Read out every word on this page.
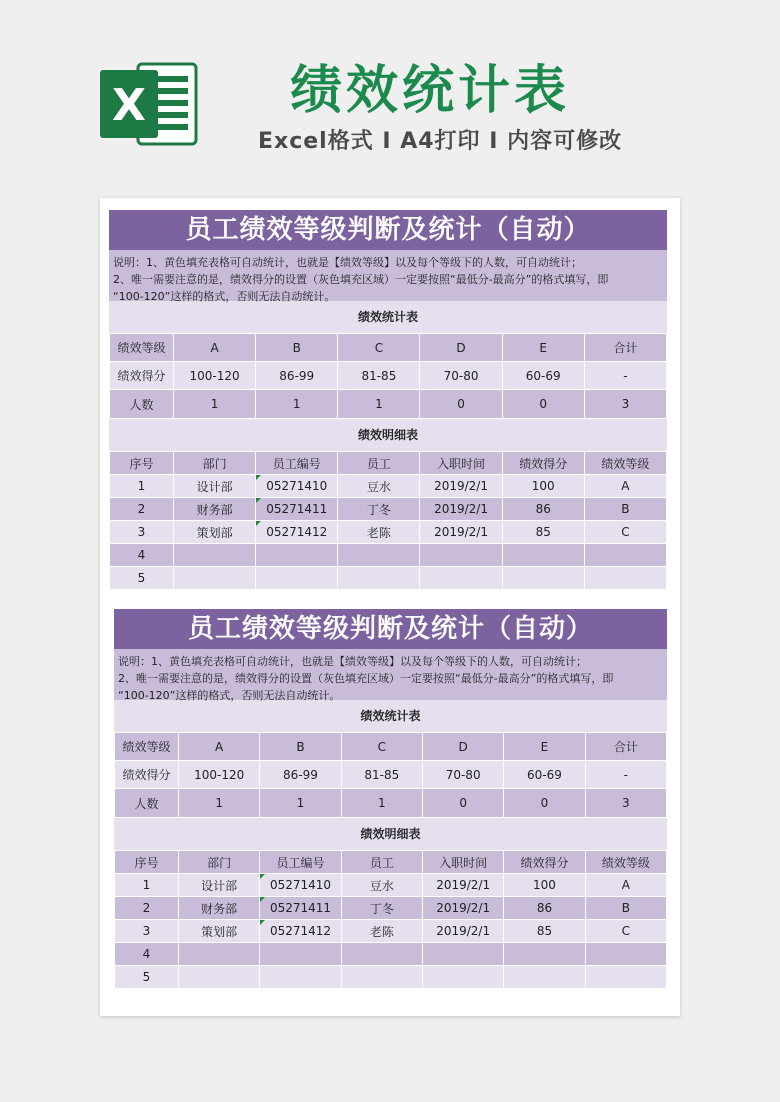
X	绩效统计表
Excel格式 Ⅰ A4打印 Ⅰ 内容可修改
员工绩效等级判断及统计（自动）
说明：1、黄色填充表格可自动统计，也就是【绩效等级】以及每个等级下的人数，可自动统计；
2、唯一需要注意的是，绩效得分的设置（灰色填充区域）一定要按照“最低分-最高分”的格式填写，即
“100-120”这样的格式，否则无法自动统计。
绩效统计表
绩效等级	A	B	C	D	E	合计
绩效得分	100-120	86-99	81-85	70-80	60-69	-
人数	1	1	1	0	0	3
绩效明细表
序号	部门	员工编号	员工	入职时间	绩效得分	绩效等级
1	设计部	05271410	豆水	2019/2/1	100	A
2	财务部	05271411	丁冬	2019/2/1	86	B
3	策划部	05271412	老陈	2019/2/1	85	C
4						
5						
员工绩效等级判断及统计（自动）
说明：1、黄色填充表格可自动统计，也就是【绩效等级】以及每个等级下的人数，可自动统计；
2、唯一需要注意的是，绩效得分的设置（灰色填充区域）一定要按照“最低分-最高分”的格式填写，即
“100-120”这样的格式，否则无法自动统计。
绩效统计表
绩效等级	A	B	C	D	E	合计
绩效得分	100-120	86-99	81-85	70-80	60-69	-
人数	1	1	1	0	0	3
绩效明细表
序号	部门	员工编号	员工	入职时间	绩效得分	绩效等级
1	设计部	05271410	豆水	2019/2/1	100	A
2	财务部	05271411	丁冬	2019/2/1	86	B
3	策划部	05271412	老陈	2019/2/1	85	C
4						
5						
